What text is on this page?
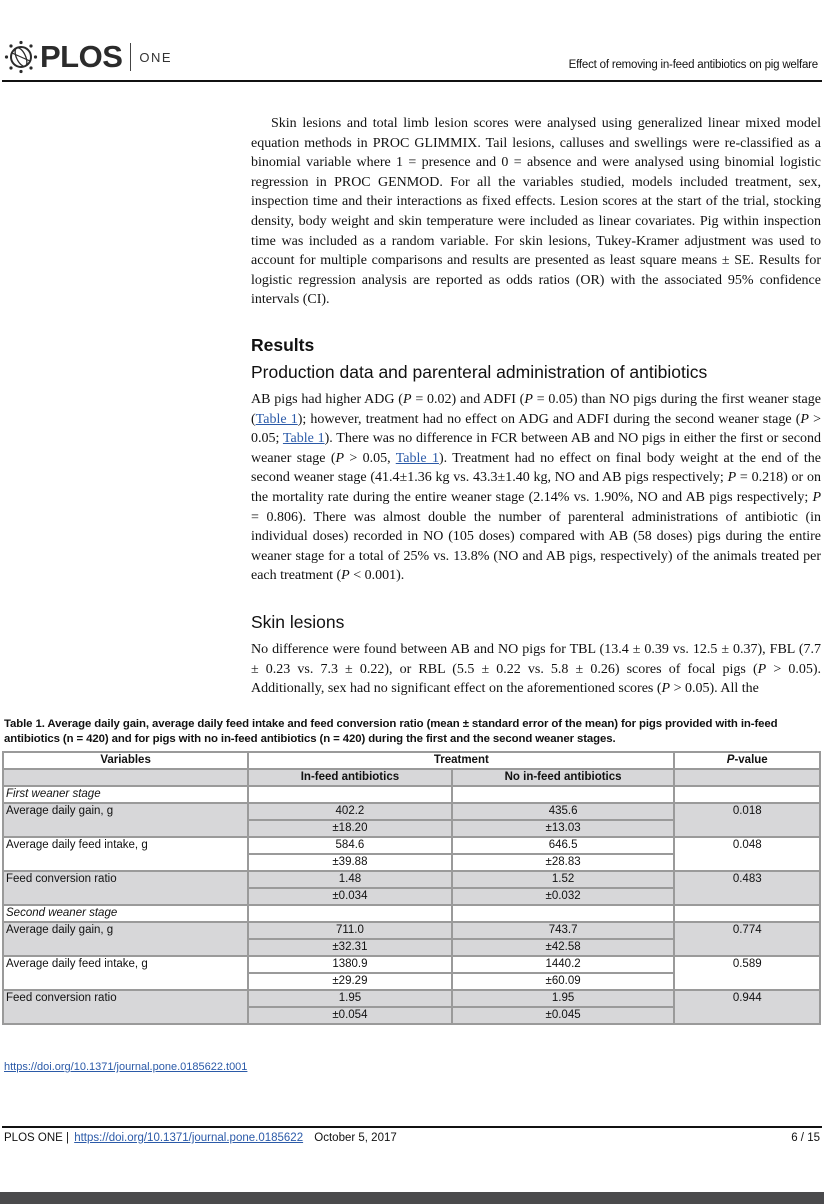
PLOS ONE
Effect of removing in-feed antibiotics on pig welfare

Skin lesions and total limb lesion scores were analysed using generalized linear mixed model equation methods in PROC GLIMMIX. Tail lesions, calluses and swellings were re-classified as a binomial variable where 1 = presence and 0 = absence and were analysed using binomial logistic regression in PROC GENMOD. For all the variables studied, models included treatment, sex, inspection time and their interactions as fixed effects. Lesion scores at the start of the trial, stocking density, body weight and skin temperature were included as linear covariates. Pig within inspection time was included as a random variable. For skin lesions, Tukey-Kramer adjustment was used to account for multiple comparisons and results are presented as least square means ± SE. Results for logistic regression analysis are reported as odds ratios (OR) with the associated 95% confidence intervals (CI).

Results
Production data and parenteral administration of antibiotics

AB pigs had higher ADG (P = 0.02) and ADFI (P = 0.05) than NO pigs during the first weaner stage (Table 1); however, treatment had no effect on ADG and ADFI during the second weaner stage (P > 0.05; Table 1). There was no difference in FCR between AB and NO pigs in either the first or second weaner stage (P > 0.05, Table 1). Treatment had no effect on final body weight at the end of the second weaner stage (41.4±1.36 kg vs. 43.3±1.40 kg, NO and AB pigs respectively; P = 0.218) or on the mortality rate during the entire weaner stage (2.14% vs. 1.90%, NO and AB pigs respectively; P = 0.806). There was almost double the number of parenteral administrations of antibiotic (in individual doses) recorded in NO (105 doses) compared with AB (58 doses) pigs during the entire weaner stage for a total of 25% vs. 13.8% (NO and AB pigs, respectively) of the animals treated per each treatment (P < 0.001).

Skin lesions

No difference were found between AB and NO pigs for TBL (13.4 ± 0.39 vs. 12.5 ± 0.37), FBL (7.7 ± 0.23 vs. 7.3 ± 0.22), or RBL (5.5 ± 0.22 vs. 5.8 ± 0.26) scores of focal pigs (P > 0.05). Additionally, sex had no significant effect on the aforementioned scores (P > 0.05). All the

Table 1. Average daily gain, average daily feed intake and feed conversion ratio (mean ± standard error of the mean) for pigs provided with in-feed antibiotics (n = 420) and for pigs with no in-feed antibiotics (n = 420) during the first and the second weaner stages.
Variables	Treatment		P-value
	In-feed antibiotics	No in-feed antibiotics	
First weaner stage			
Average daily gain, g	402.2	435.6	0.018
	±18.20	±13.03	
Average daily feed intake, g	584.6	646.5	0.048
	±39.88	±28.83	
Feed conversion ratio	1.48	1.52	0.483
	±0.034	±0.032	
Second weaner stage			
Average daily gain, g	711.0	743.7	0.774
	±32.31	±42.58	
Average daily feed intake, g	1380.9	1440.2	0.589
	±29.29	±60.09	
Feed conversion ratio	1.95	1.95	0.944
	±0.054	±0.045	
https://doi.org/10.1371/journal.pone.0185622.t001
PLOS ONE | https://doi.org/10.1371/journal.pone.0185622 October 5, 2017	6 / 15
